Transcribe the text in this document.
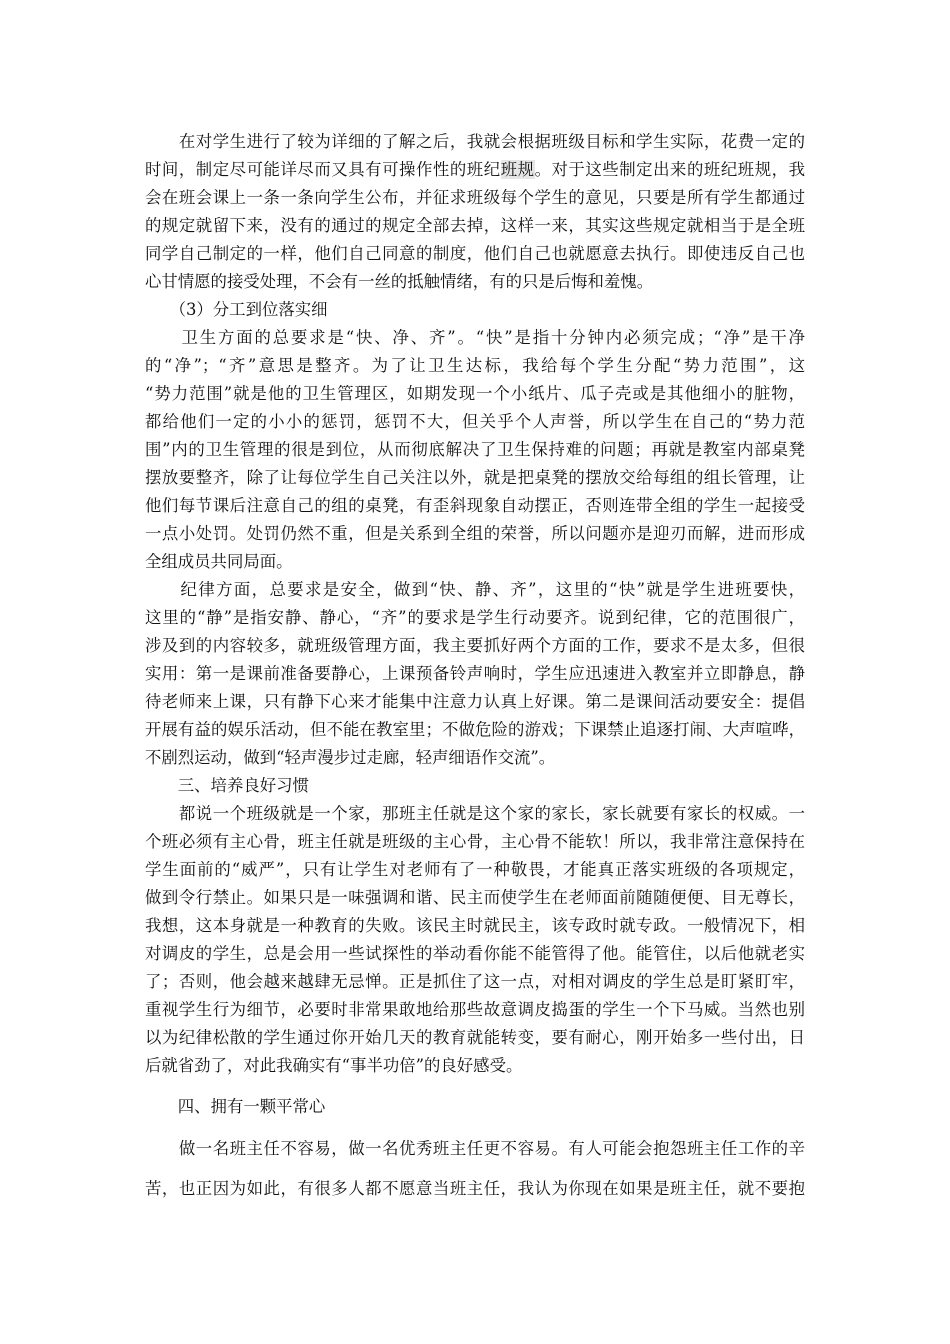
　　在对学生进行了较为详细的了解之后，我就会根据班级目标和学生实际，花费一定的
时间，制定尽可能详尽而又具有可操作性的班纪班规。对于这些制定出来的班纪班规，我
会在班会课上一条一条向学生公布，并征求班级每个学生的意见，只要是所有学生都通过
的规定就留下来，没有的通过的规定全部去掉，这样一来，其实这些规定就相当于是全班
同学自己制定的一样，他们自己同意的制度，他们自己也就愿意去执行。即使违反自己也
心甘情愿的接受处理，不会有一丝的抵触情绪，有的只是后悔和羞愧。
　　（3）分工到位落实细
　　卫生方面的总要求是“快、净、齐”。“快”是指十分钟内必须完成；“净”是干净
的“净”；“齐”意思是整齐。为了让卫生达标，我给每个学生分配“势力范围”，这
“势力范围”就是他的卫生管理区，如期发现一个小纸片、瓜子壳或是其他细小的脏物，
都给他们一定的小小的惩罚，惩罚不大，但关乎个人声誉，所以学生在自己的“势力范
围”内的卫生管理的很是到位，从而彻底解决了卫生保持难的问题；再就是教室内部桌凳
摆放要整齐，除了让每位学生自己关注以外，就是把桌凳的摆放交给每组的组长管理，让
他们每节课后注意自己的组的桌凳，有歪斜现象自动摆正，否则连带全组的学生一起接受
一点小处罚。处罚仍然不重，但是关系到全组的荣誉，所以问题亦是迎刃而解，进而形成
全组成员共同局面。
　　纪律方面，总要求是安全，做到“快、静、齐”，这里的“快”就是学生进班要快，
这里的“静”是指安静、静心，“齐”的要求是学生行动要齐。说到纪律，它的范围很广，
涉及到的内容较多，就班级管理方面，我主要抓好两个方面的工作，要求不是太多，但很
实用：第一是课前准备要静心，上课预备铃声响时，学生应迅速进入教室并立即静息，静
待老师来上课，只有静下心来才能集中注意力认真上好课。第二是课间活动要安全：提倡
开展有益的娱乐活动，但不能在教室里；不做危险的游戏；下课禁止追逐打闹、大声喧哗，
不剧烈运动，做到“轻声漫步过走廊，轻声细语作交流”。
　　三、培养良好习惯
　　都说一个班级就是一个家，那班主任就是这个家的家长，家长就要有家长的权威。一
个班必须有主心骨，班主任就是班级的主心骨，主心骨不能软！所以，我非常注意保持在
学生面前的“威严”，只有让学生对老师有了一种敬畏，才能真正落实班级的各项规定，
做到令行禁止。如果只是一味强调和谐、民主而使学生在老师面前随随便便、目无尊长，
我想，这本身就是一种教育的失败。该民主时就民主，该专政时就专政。一般情况下，相
对调皮的学生，总是会用一些试探性的举动看你能不能管得了他。能管住，以后他就老实
了；否则，他会越来越肆无忌惮。正是抓住了这一点，对相对调皮的学生总是盯紧盯牢，
重视学生行为细节，必要时非常果敢地给那些故意调皮捣蛋的学生一个下马威。当然也别
以为纪律松散的学生通过你开始几天的教育就能转变，要有耐心，刚开始多一些付出，日
后就省劲了，对此我确实有“事半功倍”的良好感受。
　　四、拥有一颗平常心
　　做一名班主任不容易，做一名优秀班主任更不容易。有人可能会抱怨班主任工作的辛
苦，也正因为如此，有很多人都不愿意当班主任，我认为你现在如果是班主任，就不要抱
